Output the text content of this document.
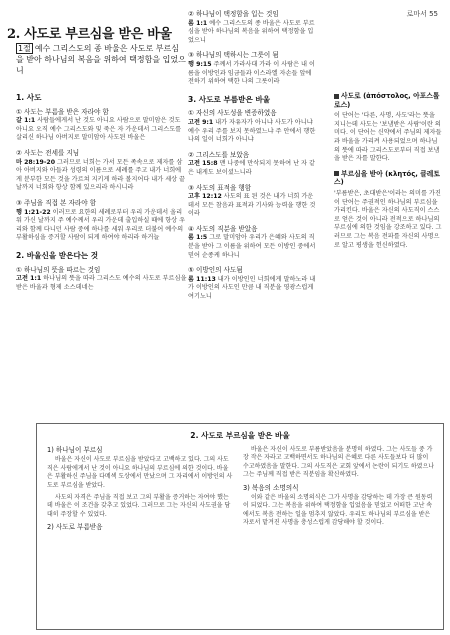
로마서 55
2. 사도로 부르심을 받은 바울
1절 예수 그리스도의 종 바울은 사도로 부르심을 받아 하나님의 복음을 위하여 택정함을 입었으니
1. 사도
① 사도는 부름을 받은 자라야 함
갈 1:1 사람들에게서 난 것도 아니요 사람으로 말미암은 것도 아니요 오직 예수 그리스도와 및 죽은 자 가운데서 그리스도를 살리신 하나님 아버지로 말미암아 사도된 바울은
② 사도는 전세를 지님
마 28:19-20 그러므로 너희는 가서 모든 족속으로 제자를 삼아 아버지와 아들과 성령의 이름으로 세례를 주고 내가 너희에게 분부한 모든 것을 가르쳐 지키게 하라 볼지어다 내가 세상 끝 날까지 너희와 항상 함께 있으리라 하시니라
③ 주님을 직접 본 자라야 함
행 1:21-22 이러므로 요한의 세례로부터 우리 가운데서 올리워 가신 날까지 주 예수께서 우리 가운데 출입하실 때에 항상 우리와 함께 다니던 사람 중에 하나를 세워 우리로 더불어 예수의 부활하심을 증거할 사람이 되게 하여야 하리라 하거늘
2. 바울신을 받은다는 것
① 하나님의 뜻을 따르는 것임
고전 1:1 하나님의 뜻을 따라 그리스도 예수의 사도로 부르심을 받은 바울과 형제 소스데네는
② 하나님이 택정함을 입는 것임
롬 1:1 예수 그리스도의 종 바울은 사도로 부르심을 받아 하나님의 복음을 위하여 택정함을 입었으니
③ 하나님의 택하시는 그릇이 됨
행 9:15 주께서 가라사대 가라 이 사람은 내 이름을 이방인과 임금들과 이스라엘 자손들 앞에 전하기 위하여 택한 나의 그릇이라
3. 사도로 부름받은 바울
① 자신의 사도성을 변증하였음
고전 9:1 내가 자유자가 아니냐 사도가 아니냐 예수 우리 주를 보지 못하였느냐 주 안에서 행한 나의 일이 너희가 아니냐
② 그리스도를 보았음
고전 15:8 맨 나중에 만삭되지 못하여 난 자 같은 내게도 보이셨느니라
③ 사도의 표적을 행함
고후 12:12 사도의 표 된 것은 내가 너희 가운데서 모든 참음과 표적과 기사와 능력을 행한 것이라
④ 사도의 직분을 받았음
롬 1:5 그로 말미암아 우리가 은혜와 사도의 직분을 받아 그 이름을 위하여 모든 이방인 중에서 믿어 순종케 하나니
⑤ 이방인의 사도됨
롬 11:13 내가 이방인인 너희에게 말하노라 내가 이방인의 사도인 만큼 내 직분을 영광스럽게 여기노니
사도로 (ἀπόστολος, 아포스톨로스)
이 단어는 '다른, 사명, 사도'라는 뜻을 지니는데 사도는 '보냄받은 사람'이란 의미다. 이 단어는 신약에서 주님의 제자들과 바울을 가리켜 사용되었으며 하나님의 뜻에 따라 그리스도로부터 직접 보냄을 받은 자를 말한다.
부르심을 받아 (κλητός, 클레토스)
'부름받은, 초대받은'이라는 의미를 가진 이 단어는 주권적인 하나님의 부르심을 가리킨다. 바울은 자신의 사도직이 스스로 얻은 것이 아니라 전적으로 하나님의 부르심에 의한 것임을 강조하고 있다. 그러므로 그는 복음 전파를 자신의 사명으로 알고 평생을 헌신하였다.
2. 사도로 부르심을 받은 바울
1) 하나님이 부르심
바울은 자신이 사도로 부르심을 받았다고 고백하고 있다. 그의 사도직은 사람에게서 난 것이 아니요 하나님의 부르심에 의한 것이다. 바울은 부활하신 주님을 다메섹 도상에서 만났으며 그 자리에서 이방인의 사도로 부르심을 받았다.
사도의 자격은 주님을 직접 보고 그의 부활을 증거하는 자여야 했는데 바울은 이 조건을 갖추고 있었다. 그러므로 그는 자신의 사도권을 담대히 주장할 수 있었다.
2) 사도로 부름받음
바울은 자신이 사도로 부름받았음을 분명히 하였다. 그는 사도들 중 가장 작은 자라고 고백하면서도 하나님의 은혜로 다른 사도들보다 더 많이 수고하였음을 말한다. 그의 사도직은 교회 앞에서 논란이 되기도 하였으나 그는 주님께 직접 받은 직분임을 확신하였다.
3) 복음의 소명의식
이와 같은 바울의 소명의식은 그가 사명을 감당하는 데 가장 큰 원동력이 되었다. 그는 복음을 위하여 택정함을 입었음을 믿었고 어떠한 고난 속에서도 복음 전하는 일을 멈추지 않았다. 우리도 하나님의 부르심을 받은 자로서 맡겨진 사명을 충성스럽게 감당해야 할 것이다.
